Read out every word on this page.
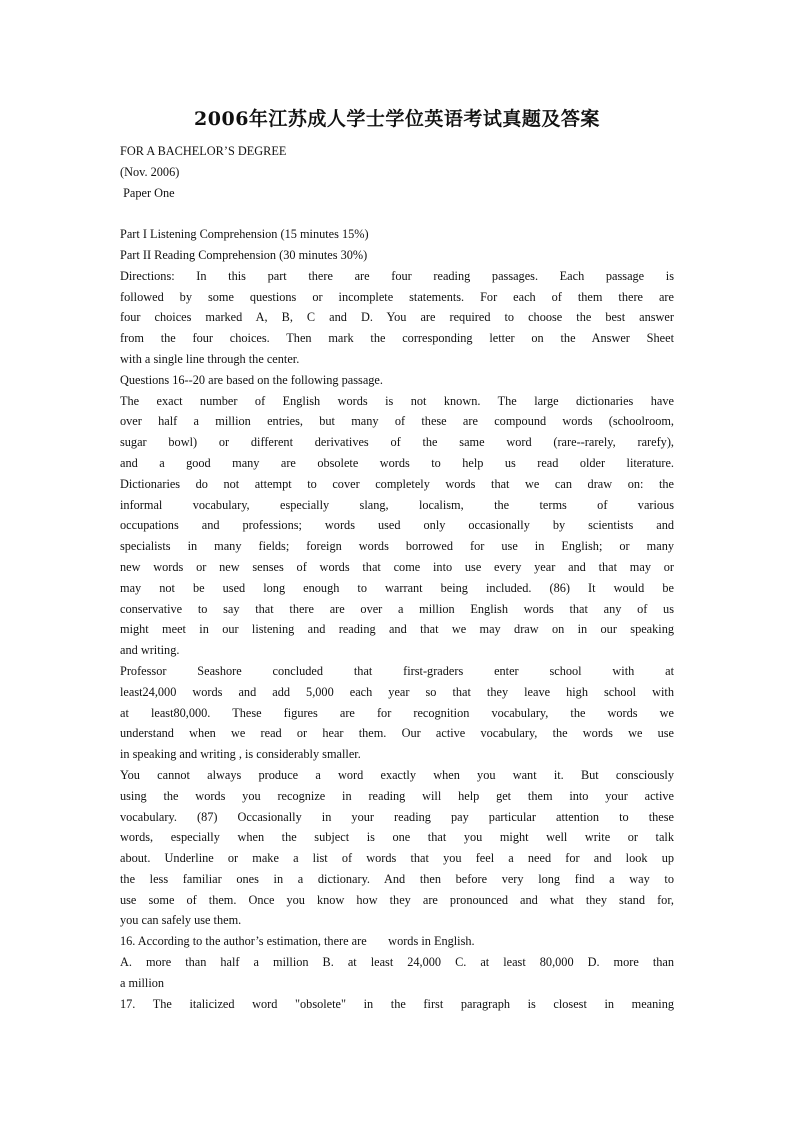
2006年江苏成人学士学位英语考试真题及答案
FOR A BACHELOR’S DEGREE
(Nov. 2006)
Paper One
Part I Listening Comprehension (15 minutes 15%)
Part II Reading Comprehension (30 minutes 30%)
Directions: In this part there are four reading passages. Each passage is
followed by some questions or incomplete statements. For each of them there are
four choices marked A, B, C and D. You are required to choose the best answer
from the four choices. Then mark the corresponding letter on the Answer Sheet
with a single line through the center.
Questions 16--20 are based on the following passage.
The exact number of English words is not known. The large dictionaries have
over half a million entries, but many of these are compound words (schoolroom,
sugar bowl) or different derivatives of the same word (rare--rarely, rarefy),
and a good many are obsolete words to help us read older literature.
Dictionaries do not attempt to cover completely words that we can draw on: the
informal vocabulary, especially slang, localism, the terms of various
occupations and professions; words used only occasionally by scientists and
specialists in many fields; foreign words borrowed for use in English; or many
new words or new senses of words that come into use every year and that may or
may not be used long enough to warrant being included. (86) It would be
conservative to say that there are over a million English words that any of us
might meet in our listening and reading and that we may draw on in our speaking
and writing.
Professor Seashore concluded that first-graders enter school with at
least24,000 words and add 5,000 each year so that they leave high school with
at least80,000. These figures are for recognition vocabulary, the words we
understand when we read or hear them. Our active vocabulary, the words we use
in speaking and writing , is considerably smaller.
You cannot always produce a word exactly when you want it. But consciously
using the words you recognize in reading will help get them into your active
vocabulary. (87) Occasionally in your reading pay particular attention to these
words, especially when the subject is one that you might well write or talk
about. Underline or make a list of words that you feel a need for and look up
the less familiar ones in a dictionary. And then before very long find a way to
use some of them. Once you know how they are pronounced and what they stand for,
you can safely use them.
16. According to the author’s estimation, there are       words in English.
A. more than half a million B. at least 24,000 C. at least 80,000 D. more than
a million
17. The italicized word "obsolete" in the first paragraph is closest in meaning
